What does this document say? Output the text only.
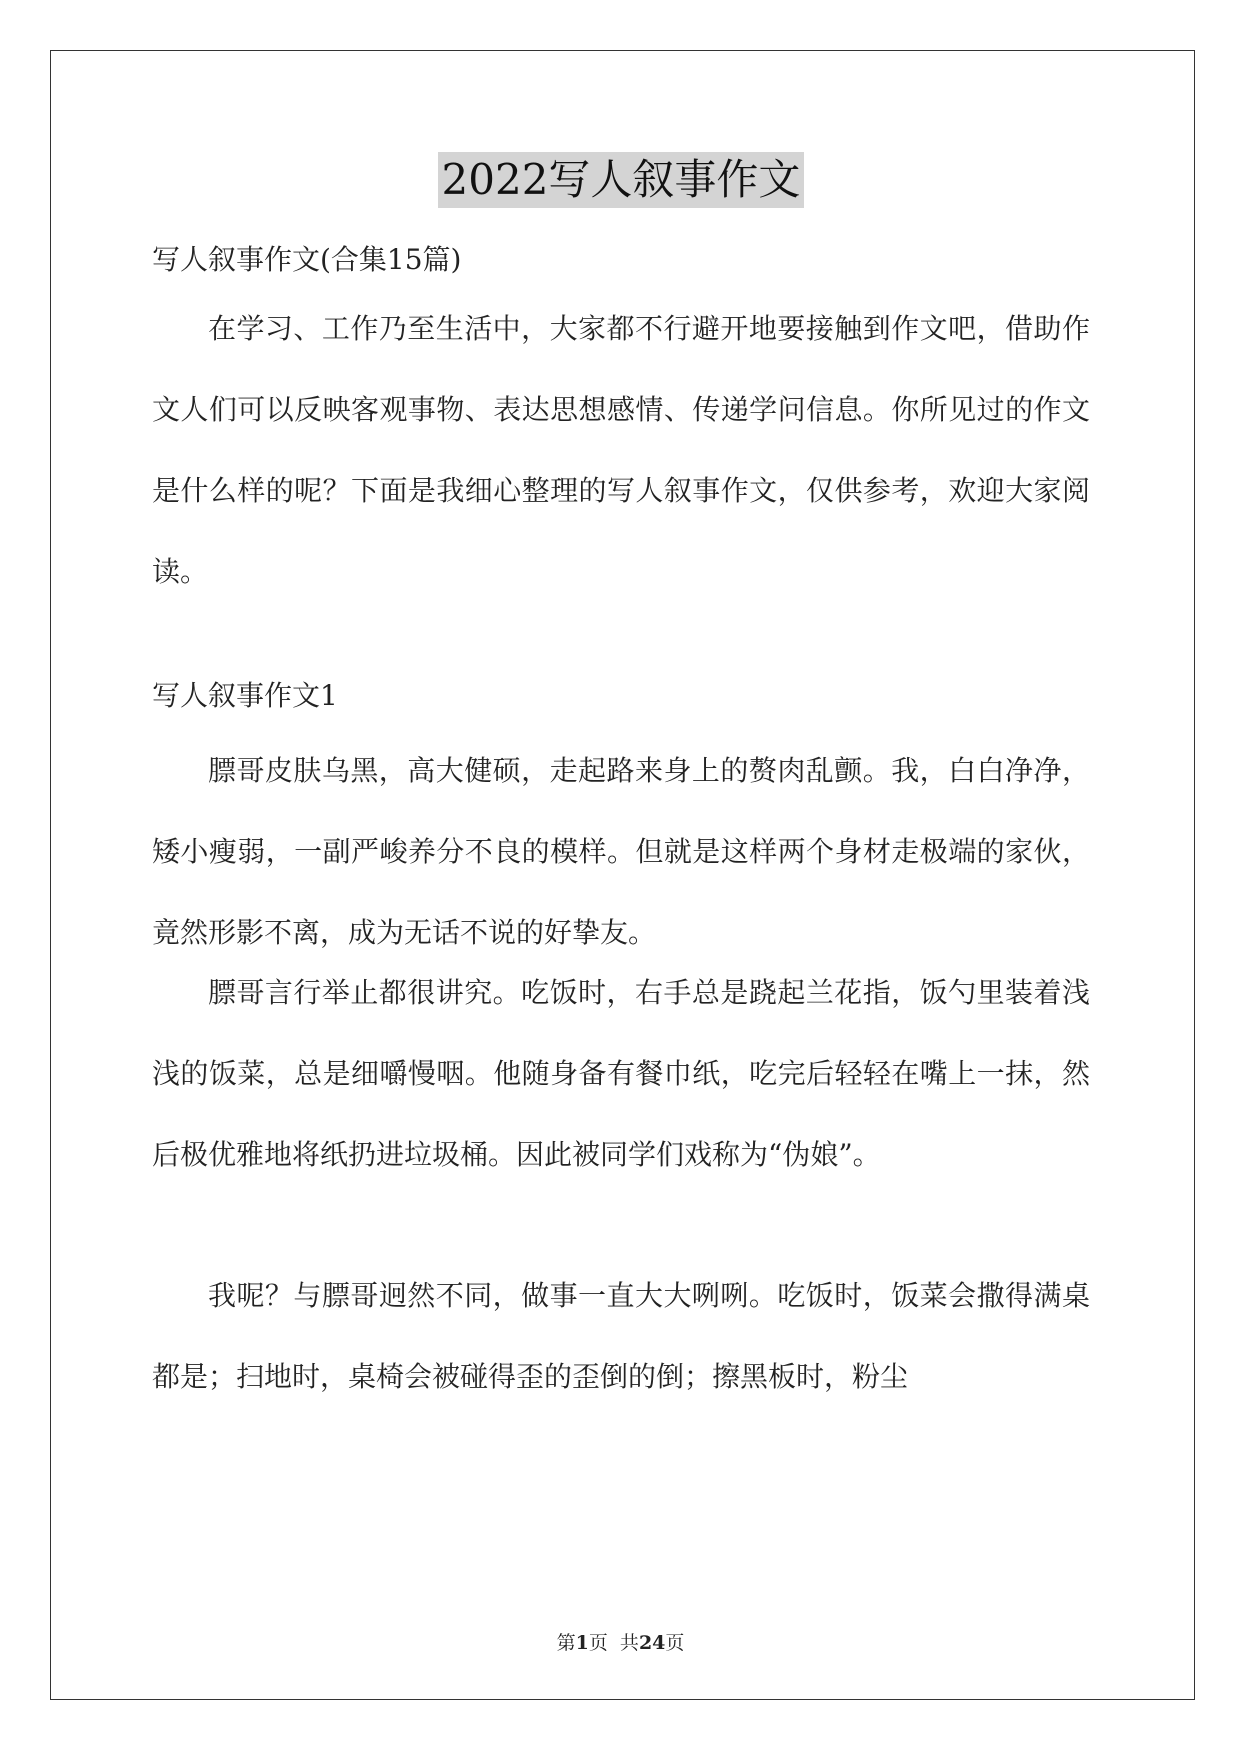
2022写人叙事作文
写人叙事作文(合集15篇)

在学习、工作乃至生活中，大家都不行避开地要接触到作文吧，借助作文人们可以反映客观事物、表达思想感情、传递学问信息。你所见过的作文是什么样的呢？下面是我细心整理的写人叙事作文，仅供参考，欢迎大家阅读。

写人叙事作文1

膘哥皮肤乌黑，高大健硕，走起路来身上的赘肉乱颤。我，白白净净，矮小瘦弱，一副严峻养分不良的模样。但就是这样两个身材走极端的家伙，竟然形影不离，成为无话不说的好挚友。

膘哥言行举止都很讲究。吃饭时，右手总是跷起兰花指，饭勺里装着浅浅的饭菜，总是细嚼慢咽。他随身备有餐巾纸，吃完后轻轻在嘴上一抹，然后极优雅地将纸扔进垃圾桶。因此被同学们戏称为“伪娘”。

我呢？与膘哥迥然不同，做事一直大大咧咧。吃饭时，饭菜会撒得满桌都是；扫地时，桌椅会被碰得歪的歪倒的倒；擦黑板时，粉尘

第1页  共24页
